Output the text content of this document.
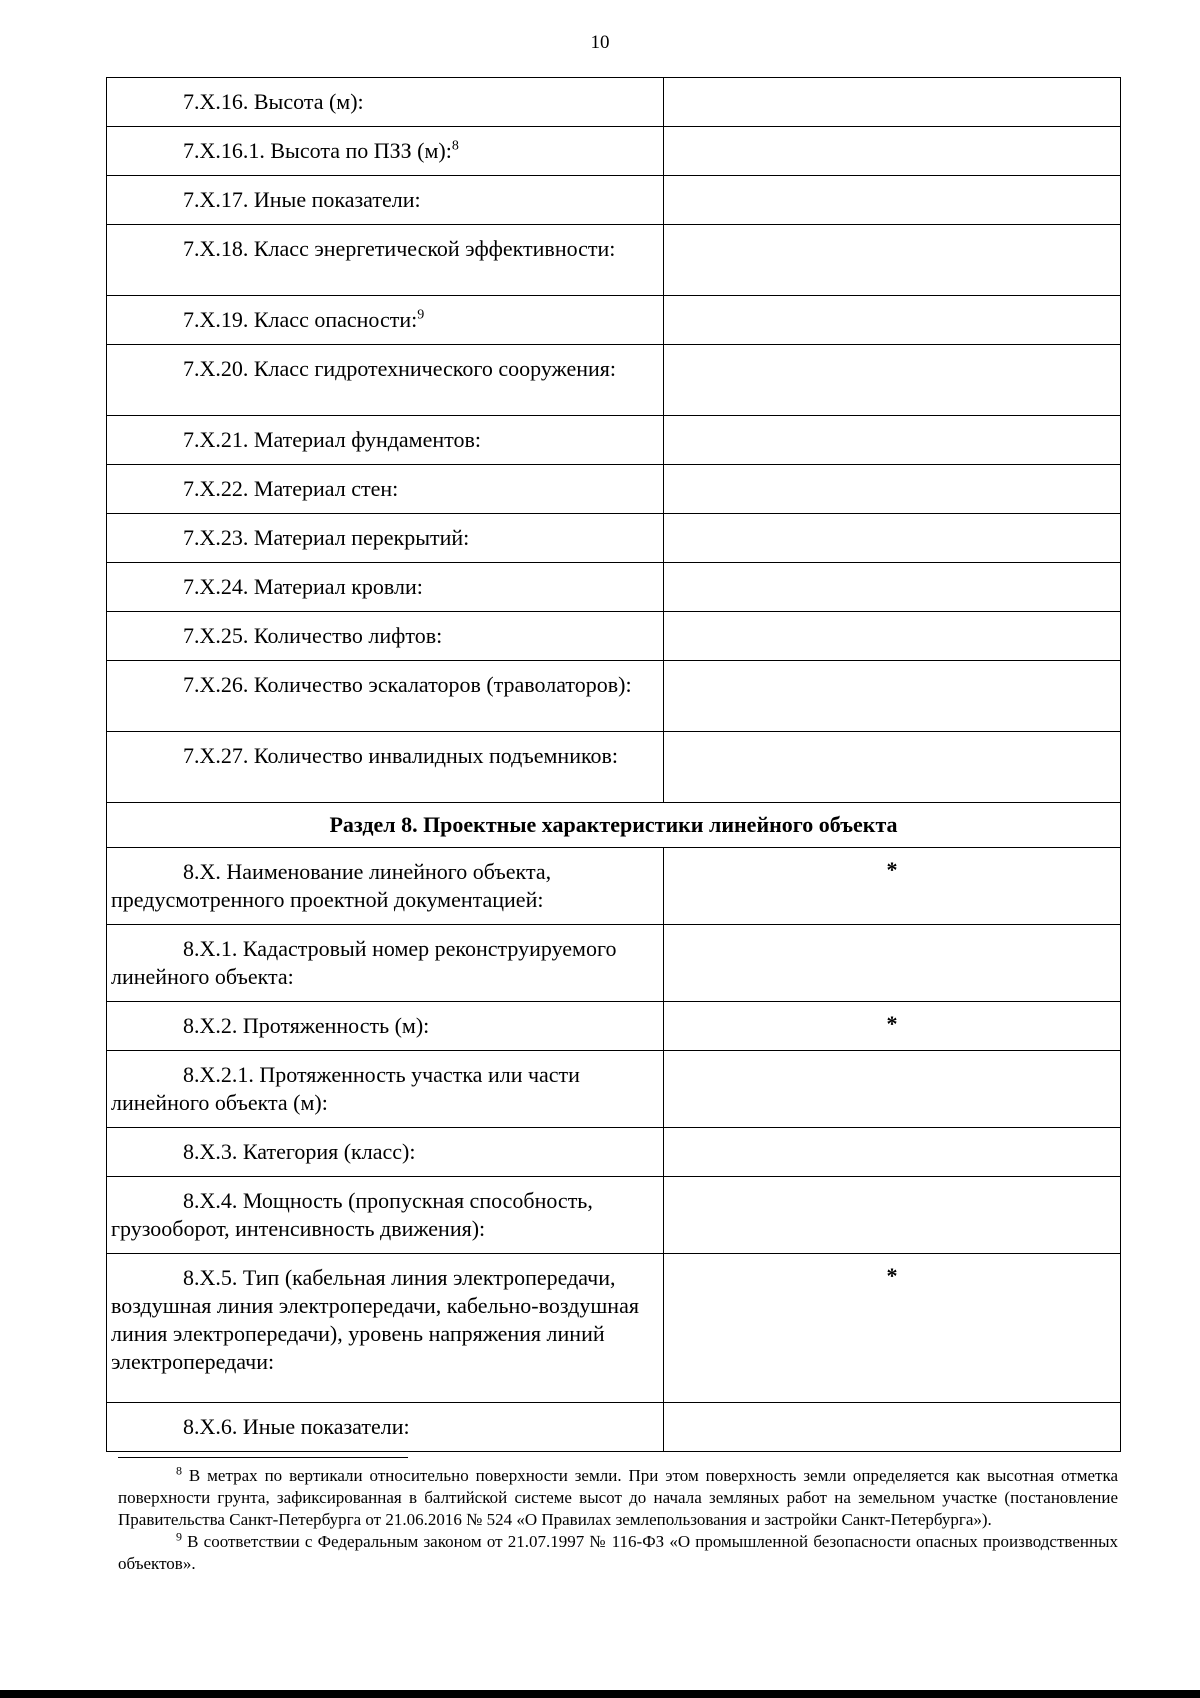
10
7.Х.16. Высота (м):	

7.Х.16.1. Высота по ПЗЗ (м):$^8$

7.Х.17. Иные показатели:	

7.Х.18. Класс энергетической эффективности:	

7.Х.19. Класс опасности:$^9$

7.Х.20. Класс гидротехнического сооружения:	

7.Х.21. Материал фундаментов:	

7.Х.22. Материал стен:	

7.Х.23. Материал перекрытий:	

7.Х.24. Материал кровли:	

7.Х.25. Количество лифтов:	

7.Х.26. Количество эскалаторов (траволаторов):	

7.Х.27. Количество инвалидных подъемников:	

Раздел 8. Проектные характеристики линейного объекта	

8.Х. Наименование линейного объекта, предусмотренного проектной документацией:	*

8.Х.1. Кадастровый номер реконструируемого линейного объекта:	

8.Х.2. Протяженность (м):	*

8.Х.2.1. Протяженность участка или части линейного объекта (м):	

8.Х.3. Категория (класс):	

8.Х.4. Мощность (пропускная способность, грузооборот, интенсивность движения):	

8.Х.5. Тип (кабельная линия электропередачи, воздушная линия электропередачи, кабельно-воздушная линия электропередачи), уровень напряжения линий электропередачи:	*

8.Х.6. Иные показатели:	

$^8$ В метрах по вертикали относительно поверхности земли. При этом поверхность земли определяется как высотная отметка поверхности грунта, зафиксированная в балтийской системе высот до начала земляных работ на земельном участке (постановление Правительства Санкт-Петербурга от 21.06.2016 № 524 «О Правилах землепользования и застройки Санкт-Петербурга»).

$^9$ В соответствии с Федеральным законом от 21.07.1997 № 116-ФЗ «О промышленной безопасности опасных производственных объектов».
